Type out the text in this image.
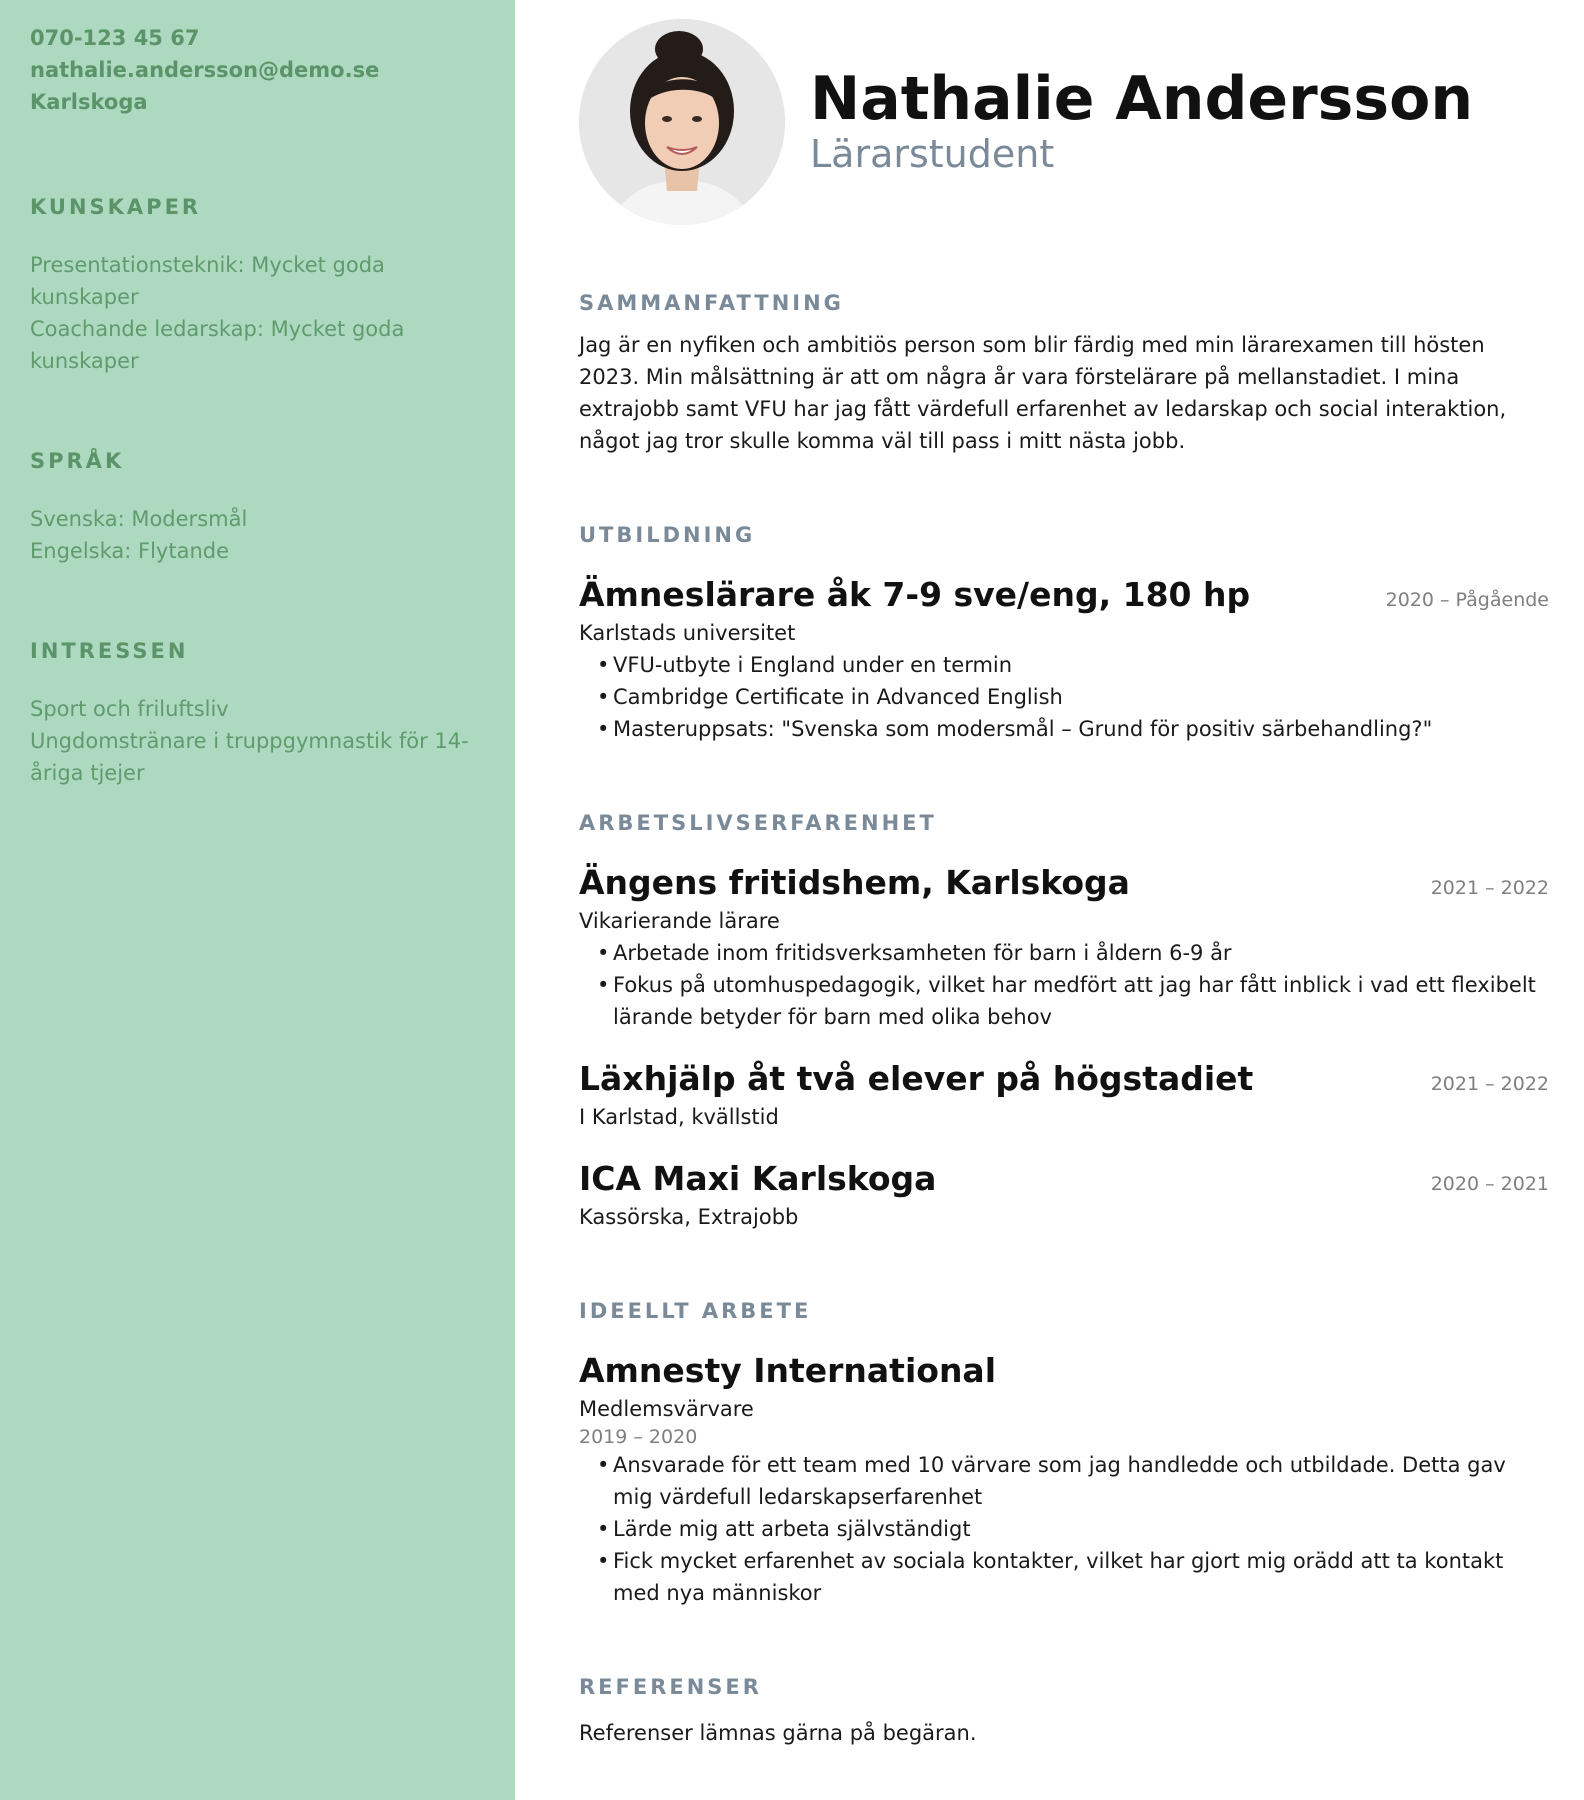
070-123 45 67
nathalie.andersson@demo.se
Karlskoga
KUNSKAPER
Presentationsteknik: Mycket goda kunskaper
Coachande ledarskap: Mycket goda kunskaper
SPRÅK
Svenska: Modersmål
Engelska: Flytande
INTRESSEN
Sport och friluftsliv
Ungdomstränare i truppgymnastik för 14-åriga tjejer
Nathalie Andersson
Lärarstudent
SAMMANFATTNING

Jag är en nyfiken och ambitiös person som blir färdig med min lärarexamen till hösten 2023. Min målsättning är att om några år vara förstelärare på mellanstadiet. I mina extrajobb samt VFU har jag fått värdefull erfarenhet av ledarskap och social interaktion, något jag tror skulle komma väl till pass i mitt nästa jobb.

UTBILDNING
Ämneslärare åk 7-9 sve/eng, 180 hp	2020 – Pågående
Karlstads universitet
• VFU-utbyte i England under en termin
• Cambridge Certificate in Advanced English
• Masteruppsats: "Svenska som modersmål – Grund för positiv särbehandling?"
ARBETSLIVSERFARENHET
Ängens fritidshem, Karlskoga	2021 – 2022
Vikarierande lärare
• Arbetade inom fritidsverksamheten för barn i åldern 6-9 år
• Fokus på utomhuspedagogik, vilket har medfört att jag har fått inblick i vad ett flexibelt lärande betyder för barn med olika behov
Läxhjälp åt två elever på högstadiet	2021 – 2022
I Karlstad, kvällstid
ICA Maxi Karlskoga	2020 – 2021
Kassörska, Extrajobb
IDEELLT ARBETE
Amnesty International
Medlemsvärvare
2019 – 2020
• Ansvarade för ett team med 10 värvare som jag handledde och utbildade. Detta gav mig värdefull ledarskapserfarenhet
• Lärde mig att arbeta självständigt
• Fick mycket erfarenhet av sociala kontakter, vilket har gjort mig orädd att ta kontakt med nya människor
REFERENSER

Referenser lämnas gärna på begäran.
